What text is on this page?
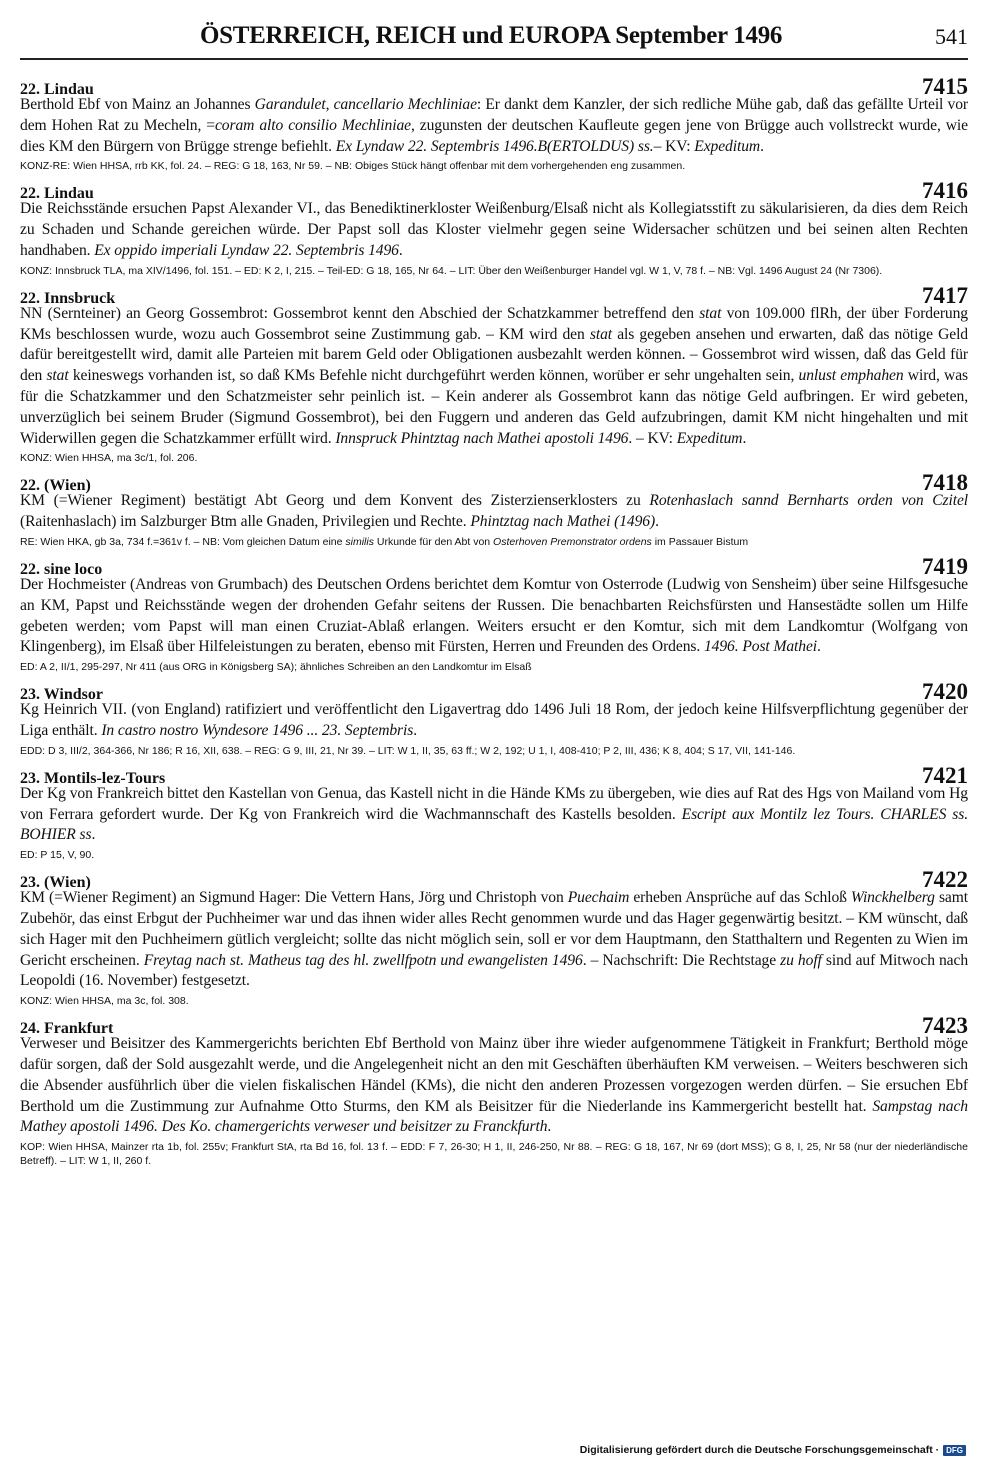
ÖSTERREICH, REICH und EUROPA September 1496	541
22. Lindau	7415

Berthold Ebf von Mainz an Johannes Garandulet, cancellario Mechliniae: Er dankt dem Kanzler, der sich redliche Mühe gab, daß das gefällte Urteil vor dem Hohen Rat zu Mecheln, =coram alto consilio Mechliniae, zugunsten der deutschen Kaufleute gegen jene von Brügge auch vollstreckt wurde, wie dies KM den Bürgern von Brügge strenge befiehlt. Ex Lyndaw 22. Septembris 1496.B(ERTOLDUS) ss.– KV: Expeditum.

KONZ-RE: Wien HHSA, rrb KK, fol. 24. – REG: G 18, 163, Nr 59. – NB: Obiges Stück hängt offenbar mit dem vorhergehenden eng zusammen.

22. Lindau	7416

Die Reichsstände ersuchen Papst Alexander VI., das Benediktinerkloster Weißenburg/Elsaß nicht als Kollegiatsstift zu säkularisieren, da dies dem Reich zu Schaden und Schande gereichen würde. Der Papst soll das Kloster vielmehr gegen seine Widersacher schützen und bei seinen alten Rechten handhaben. Ex oppido imperiali Lyndaw 22. Septembris 1496.

KONZ: Innsbruck TLA, ma XIV/1496, fol. 151. – ED: K 2, I, 215. – Teil-ED: G 18, 165, Nr 64. – LIT: Über den Weißenburger Handel vgl. W 1, V, 78 f. – NB: Vgl. 1496 August 24 (Nr 7306).

22. Innsbruck	7417

NN (Sernteiner) an Georg Gossembrot: Gossembrot kennt den Abschied der Schatzkammer betreffend den stat von 109.000 flRh, der über Forderung KMs beschlossen wurde, wozu auch Gossembrot seine Zustimmung gab. – KM wird den stat als gegeben ansehen und erwarten, daß das nötige Geld dafür bereitgestellt wird, damit alle Parteien mit barem Geld oder Obligationen ausbezahlt werden können. – Gossembrot wird wissen, daß das Geld für den stat keineswegs vorhanden ist, so daß KMs Befehle nicht durchgeführt werden können, worüber er sehr ungehalten sein, unlust emphahen wird, was für die Schatzkammer und den Schatzmeister sehr peinlich ist. – Kein anderer als Gossembrot kann das nötige Geld aufbringen. Er wird gebeten, unverzüglich bei seinem Bruder (Sigmund Gossembrot), bei den Fuggern und anderen das Geld aufzubringen, damit KM nicht hingehalten und mit Widerwillen gegen die Schatzkammer erfüllt wird. Innspruck Phintztag nach Mathei apostoli 1496. – KV: Expeditum.

KONZ: Wien HHSA, ma 3c/1, fol. 206.

22. (Wien)	7418

KM (=Wiener Regiment) bestätigt Abt Georg und dem Konvent des Zisterzienserklosters zu Rotenhaslach sannd Bernharts orden von Czitel (Raitenhaslach) im Salzburger Btm alle Gnaden, Privilegien und Rechte. Phintztag nach Mathei (1496).

RE: Wien HKA, gb 3a, 734 f.=361v f. – NB: Vom gleichen Datum eine similis Urkunde für den Abt von Osterhoven Premonstrator ordens im Passauer Bistum

22. sine loco	7419

Der Hochmeister (Andreas von Grumbach) des Deutschen Ordens berichtet dem Komtur von Osterrode (Ludwig von Sensheim) über seine Hilfsgesuche an KM, Papst und Reichsstände wegen der drohenden Gefahr seitens der Russen. Die benachbarten Reichsfürsten und Hansestädte sollen um Hilfe gebeten werden; vom Papst will man einen Cruziat-Ablaß erlangen. Weiters ersucht er den Komtur, sich mit dem Landkomtur (Wolfgang von Klingenberg), im Elsaß über Hilfeleistungen zu beraten, ebenso mit Fürsten, Herren und Freunden des Ordens. 1496. Post Mathei.

ED: A 2, II/1, 295-297, Nr 411 (aus ORG in Königsberg SA); ähnliches Schreiben an den Landkomtur im Elsaß

23. Windsor	7420

Kg Heinrich VII. (von England) ratifiziert und veröffentlicht den Ligavertrag ddo 1496 Juli 18 Rom, der jedoch keine Hilfsverpflichtung gegenüber der Liga enthält. In castro nostro Wyndesore 1496 ... 23. Septembris.

EDD: D 3, III/2, 364-366, Nr 186; R 16, XII, 638. – REG: G 9, III, 21, Nr 39. – LIT: W 1, II, 35, 63 ff.; W 2, 192; U 1, I, 408-410; P 2, III, 436; K 8, 404; S 17, VII, 141-146.

23. Montils-lez-Tours	7421

Der Kg von Frankreich bittet den Kastellan von Genua, das Kastell nicht in die Hände KMs zu übergeben, wie dies auf Rat des Hgs von Mailand vom Hg von Ferrara gefordert wurde. Der Kg von Frankreich wird die Wachmannschaft des Kastells besolden. Escript aux Montilz lez Tours. CHARLES ss. BOHIER ss.

ED: P 15, V, 90.

23. (Wien)	7422

KM (=Wiener Regiment) an Sigmund Hager: Die Vettern Hans, Jörg und Christoph von Puechaim erheben Ansprüche auf das Schloß Winckhelberg samt Zubehör, das einst Erbgut der Puchheimer war und das ihnen wider alles Recht genommen wurde und das Hager gegenwärtig besitzt. – KM wünscht, daß sich Hager mit den Puchheimern gütlich vergleicht; sollte das nicht möglich sein, soll er vor dem Hauptmann, den Statthaltern und Regenten zu Wien im Gericht erscheinen. Freytag nach st. Matheus tag des hl. zwellfpotn und ewangelisten 1496. – Nachschrift: Die Rechtstage zu hoff sind auf Mitwoch nach Leopoldi (16. November) festgesetzt.

KONZ: Wien HHSA, ma 3c, fol. 308.

24. Frankfurt	7423

Verweser und Beisitzer des Kammergerichts berichten Ebf Berthold von Mainz über ihre wieder aufgenommene Tätigkeit in Frankfurt; Berthold möge dafür sorgen, daß der Sold ausgezahlt werde, und die Angelegenheit nicht an den mit Geschäften überhäuften KM verweisen. – Weiters beschweren sich die Absender ausführlich über die vielen fiskalischen Händel (KMs), die nicht den anderen Prozessen vorgezogen werden dürfen. – Sie ersuchen Ebf Berthold um die Zustimmung zur Aufnahme Otto Sturms, den KM als Beisitzer für die Niederlande ins Kammergericht bestellt hat. Sampstag nach Mathey apostoli 1496. Des Ko. chamergerichts verweser und beisitzer zu Franckfurth.

KOP: Wien HHSA, Mainzer rta 1b, fol. 255v; Frankfurt StA, rta Bd 16, fol. 13 f. – EDD: F 7, 26-30; H 1, II, 246-250, Nr 88. – REG: G 18, 167, Nr 69 (dort MSS); G 8, I, 25, Nr 58 (nur der niederländische Betreff). – LIT: W 1, II, 260 f.

Digitalisierung gefördert durch die Deutsche Forschungsgemeinschaft · DFG
